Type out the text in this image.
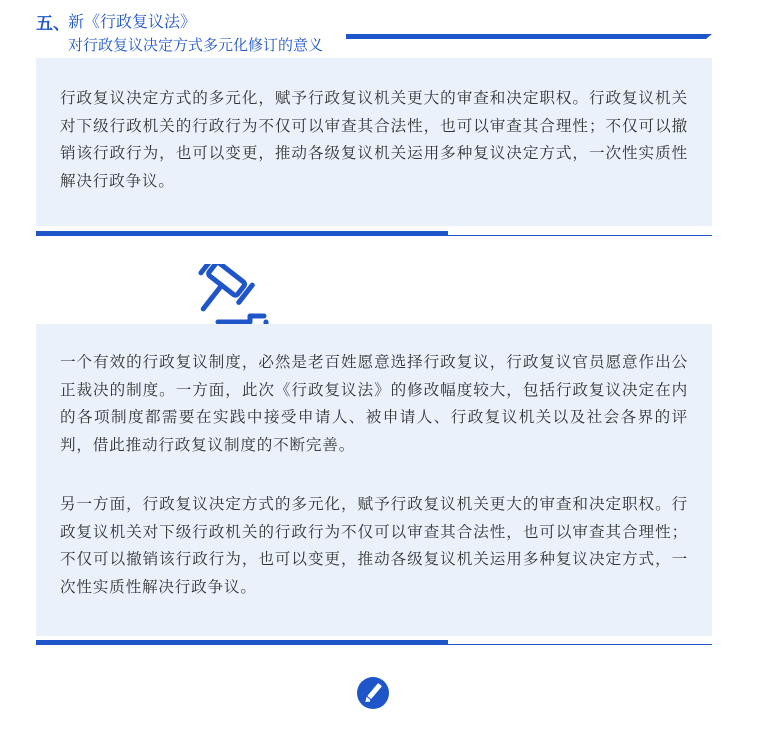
五、
新《行政复议法》
对行政复议决定方式多元化修订的意义

行政复议决定方式的多元化，赋予行政复议机关更大的审查和决定职权。行政复议机关对下级行政机关的行政行为不仅可以审查其合法性，也可以审查其合理性；不仅可以撤销该行政行为，也可以变更，推动各级复议机关运用多种复议决定方式，一次性实质性解决行政争议。

一个有效的行政复议制度，必然是老百姓愿意选择行政复议，行政复议官员愿意作出公正裁决的制度。一方面，此次《行政复议法》的修改幅度较大，包括行政复议决定在内的各项制度都需要在实践中接受申请人、被申请人、行政复议机关以及社会各界的评判，借此推动行政复议制度的不断完善。

另一方面，行政复议决定方式的多元化，赋予行政复议机关更大的审查和决定职权。行政复议机关对下级行政机关的行政行为不仅可以审查其合法性，也可以审查其合理性；不仅可以撤销该行政行为，也可以变更，推动各级复议机关运用多种复议决定方式，一次性实质性解决行政争议。
